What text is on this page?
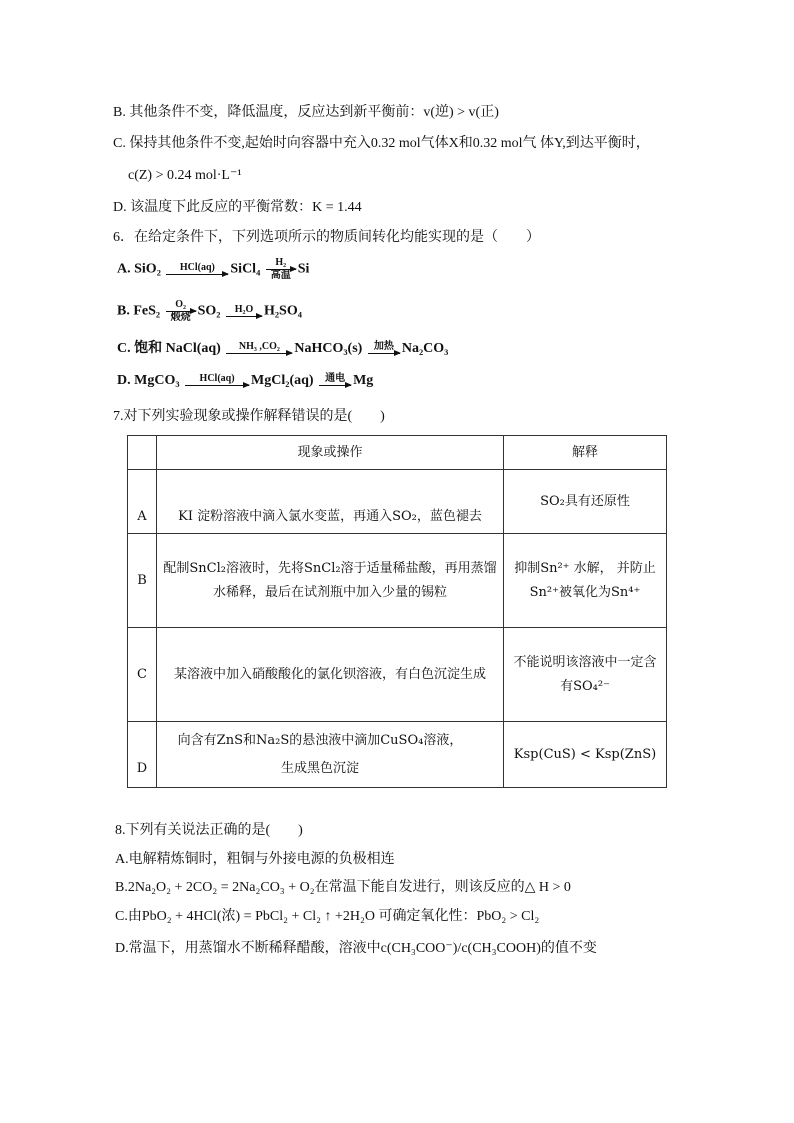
B. 其他条件不变，降低温度，反应达到新平衡前：v(逆) > v(正)
C. 保持其他条件不变,起始时向容器中充入0.32 mol气体X和0.32 mol气 体Y,到达平衡时，
c(Z) > 0.24 mol·L⁻¹
D. 该温度下此反应的平衡常数：K = 1.44
6．在给定条件下，下列选项所示的物质间转化均能实现的是（　　）
A. SiO₂	HCl(aq)	SiCl₄	H₂
高温 Si
B. FeS₂	O₂
煅烧 SO₂	H₂O H₂SO₄
C. 饱和 NaCl(aq)	NH₃ ,CO₂	NaHCO₃(s)	加热 Na₂CO₃
D. MgCO₃	HCl(aq)	MgCl₂(aq)	通电 Mg
7.对下列实验现象或操作解释错误的是(　　)
	现象或操作	解释
A	KI 淀粉溶液中滴入氯水变蓝，再通入SO₂，蓝色褪去	SO₂具有还原性
B	配制SnCl₂溶液时，先将SnCl₂溶于适量稀盐酸，再用蒸馏水稀释，最后在试剂瓶中加入少量的锡粒	抑制Sn²⁺ 水解， 并防止Sn²⁺被氧化为Sn⁴⁺
C	某溶液中加入硝酸酸化的氯化钡溶液，有白色沉淀生成	不能说明该溶液中一定含有SO₄²⁻
D	向含有ZnS和Na₂S的悬浊液中滴加CuSO₄溶液，生成黑色沉淀	Ksp(CuS) < Ksp(ZnS)
8.下列有关说法正确的是(　　)
A.电解精炼铜时，粗铜与外接电源的负极相连
B.2Na₂O₂ + 2CO₂ = 2Na₂CO₃ + O₂在常温下能自发进行，则该反应的△ H > 0
C.由PbO₂ + 4HCl(浓) = PbCl₂ + Cl₂ ↑ +2H₂O 可确定氧化性：PbO₂ > Cl₂
D.常温下，用蒸馏水不断稀释醋酸，溶液中c(CH₃COO⁻)/c(CH₃COOH)的值不变
